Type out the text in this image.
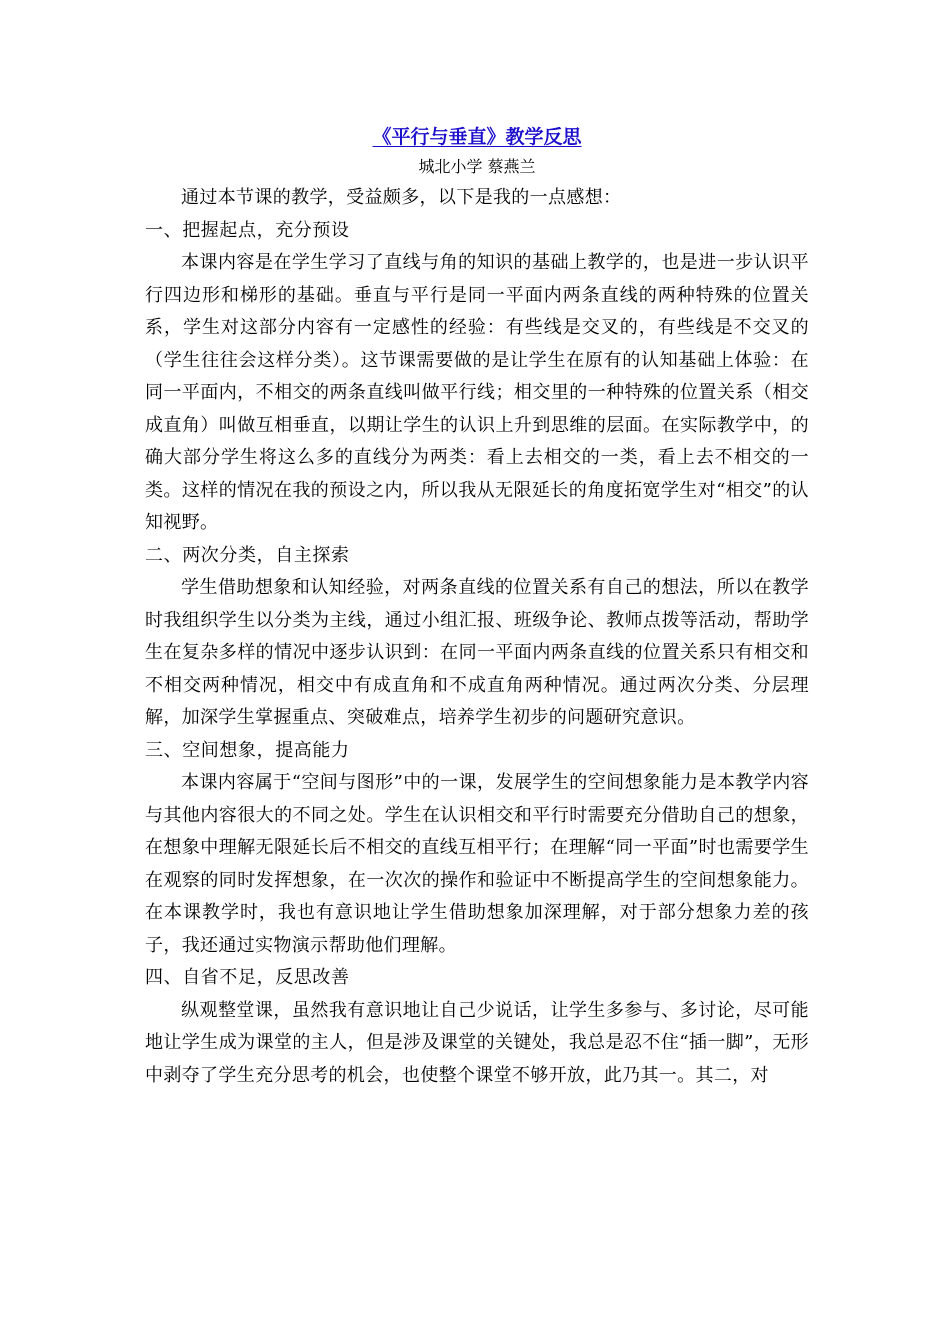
《平行与垂直》教学反思
城北小学 蔡燕兰

通过本节课的教学，受益颇多，以下是我的一点感想：

一、把握起点，充分预设

本课内容是在学生学习了直线与角的知识的基础上教学的，也是进一步认识平行四边形和梯形的基础。垂直与平行是同一平面内两条直线的两种特殊的位置关系，学生对这部分内容有一定感性的经验：有些线是交叉的，有些线是不交叉的（学生往往会这样分类）。这节课需要做的是让学生在原有的认知基础上体验：在同一平面内，不相交的两条直线叫做平行线；相交里的一种特殊的位置关系（相交成直角）叫做互相垂直，以期让学生的认识上升到思维的层面。在实际教学中，的确大部分学生将这么多的直线分为两类：看上去相交的一类，看上去不相交的一类。这样的情况在我的预设之内，所以我从无限延长的角度拓宽学生对“相交”的认知视野。

二、两次分类，自主探索

学生借助想象和认知经验，对两条直线的位置关系有自己的想法，所以在教学时我组织学生以分类为主线，通过小组汇报、班级争论、教师点拨等活动，帮助学生在复杂多样的情况中逐步认识到：在同一平面内两条直线的位置关系只有相交和不相交两种情况，相交中有成直角和不成直角两种情况。通过两次分类、分层理解，加深学生掌握重点、突破难点，培养学生初步的问题研究意识。

三、空间想象，提高能力

本课内容属于“空间与图形”中的一课，发展学生的空间想象能力是本教学内容与其他内容很大的不同之处。学生在认识相交和平行时需要充分借助自己的想象，在想象中理解无限延长后不相交的直线互相平行；在理解“同一平面”时也需要学生在观察的同时发挥想象，在一次次的操作和验证中不断提高学生的空间想象能力。在本课教学时，我也有意识地让学生借助想象加深理解，对于部分想象力差的孩子，我还通过实物演示帮助他们理解。

四、自省不足，反思改善

纵观整堂课，虽然我有意识地让自己少说话，让学生多参与、多讨论，尽可能地让学生成为课堂的主人，但是涉及课堂的关键处，我总是忍不住“插一脚”，无形中剥夺了学生充分思考的机会，也使整个课堂不够开放，此乃其一。其二，对
